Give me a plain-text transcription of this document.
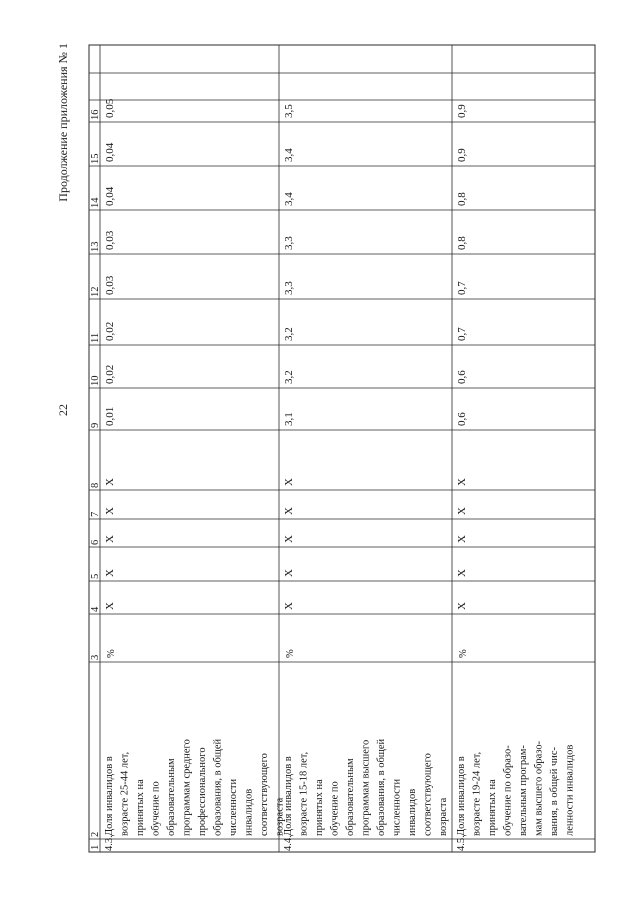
22
Продолжение приложения № 1
1
2
3
4
5
6
7
8
9
10
11
12
13
14
15
16
4.3.
Доля инвалидов в возрасте 25-44 лет, принятых на обучение по образовательным программам среднего профессионального образования, в общей численности инвалидов соответствующего возраста
%
X
X
X
X
X
0,01
0,02
0,02
0,03
0,03
0,04
0,04
0,05
4.4.
Доля инвалидов в возрасте 15-18 лет, принятых на обучение по образовательным программам высшего образования, в общей численности инвалидов соответствующего возраста
%
X
X
X
X
X
3,1
3,2
3,2
3,3
3,3
3,4
3,4
3,5
4.5.
Доля инвалидов в возрасте 19-24 лет, принятых на обучение по образо- вательным програм- мам высшего образо- вания, в общей чис- ленности инвалидов
%
X
X
X
X
X
0,6
0,6
0,7
0,7
0,8
0,8
0,9
0,9
